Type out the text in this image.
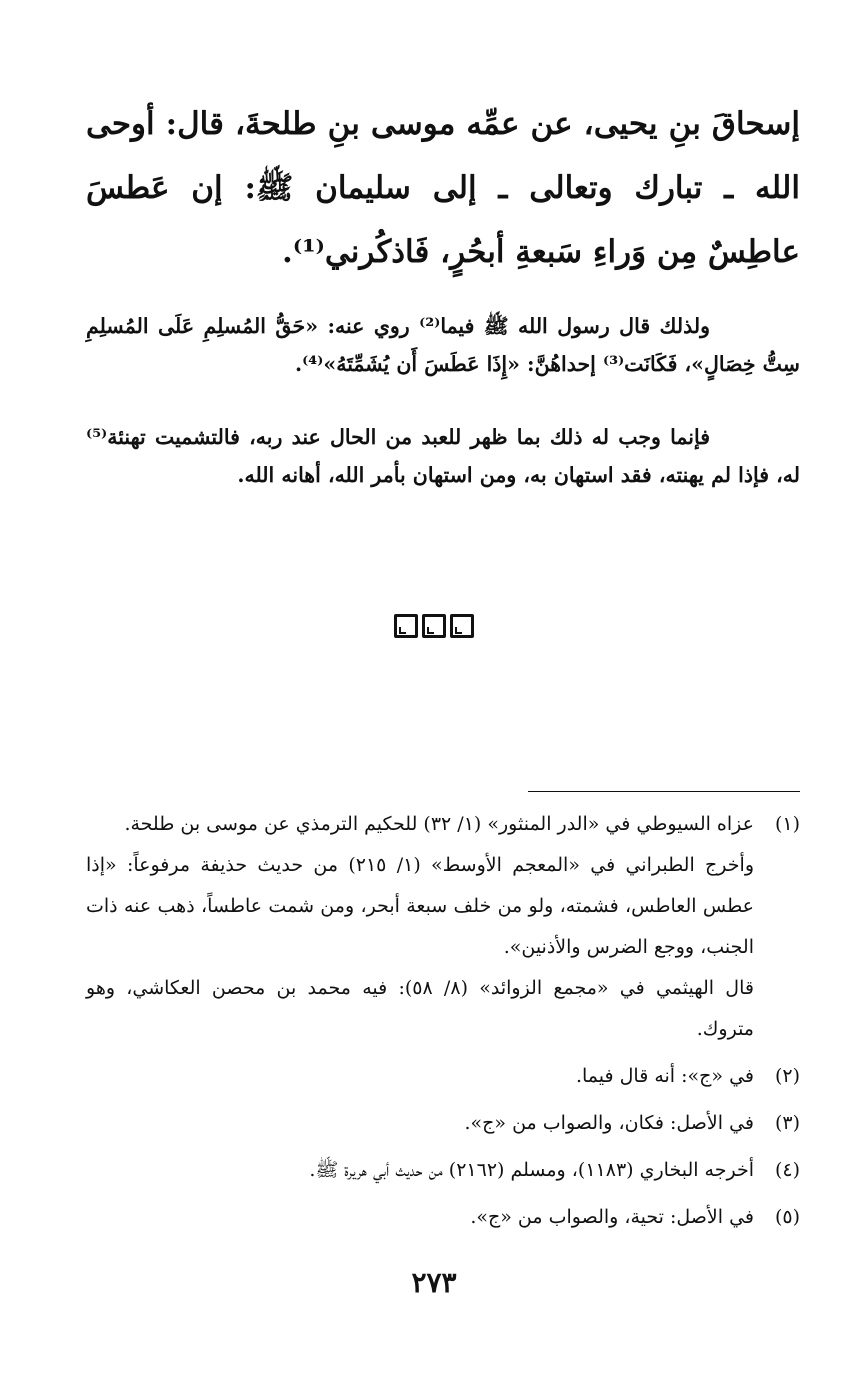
إسحاقَ بنِ يحيى، عن عمِّه موسى بنِ طلحةَ، قال: أوحى الله ـ تبارك وتعالى ـ إلى سليمان ﷺ: إن عَطسَ عاطِسٌ مِن وَراءِ سَبعةِ أبحُرٍ، فَاذكُرني⁽¹⁾.

ولذلك قال رسول الله ﷺ فيما⁽²⁾ روي عنه: «حَقُّ المُسلِمِ عَلَى المُسلِمِ سِتُّ خِصَالٍ»، فَكَانَت⁽³⁾ إحداهُنَّ: «إِذَا عَطَسَ أَن يُشَمِّتَهُ»⁽⁴⁾.

فإنما وجب له ذلك بما ظهر للعبد من الحال عند ربه، فالتشميت تهنئة⁽⁵⁾ له، فإذا لم يهنته، فقد استهان به، ومن استهان بأمر الله، أهانه الله.

(١)
عزاه السيوطي في «الدر المنثور» (١/ ٣٢) للحكيم الترمذي عن موسى بن طلحة.
وأخرج الطبراني في «المعجم الأوسط» (١/ ٢١٥) من حديث حذيفة مرفوعاً: «إذا عطس العاطس، فشمته، ولو من خلف سبعة أبحر، ومن شمت عاطساً، ذهب عنه ذات الجنب، ووجع الضرس والأذنين».
قال الهيثمي في «مجمع الزوائد» (٨/ ٥٨): فيه محمد بن محصن العكاشي، وهو متروك.
(٢)
في «ج»: أنه قال فيما.
(٣)
في الأصل: فكان، والصواب من «ج».
(٤)
أخرجه البخاري (١١٨٣)، ومسلم (٢١٦٢) من حديث أبي هريرة ﷺ.
(٥)
في الأصل: تحية، والصواب من «ج».
٢٧٣
